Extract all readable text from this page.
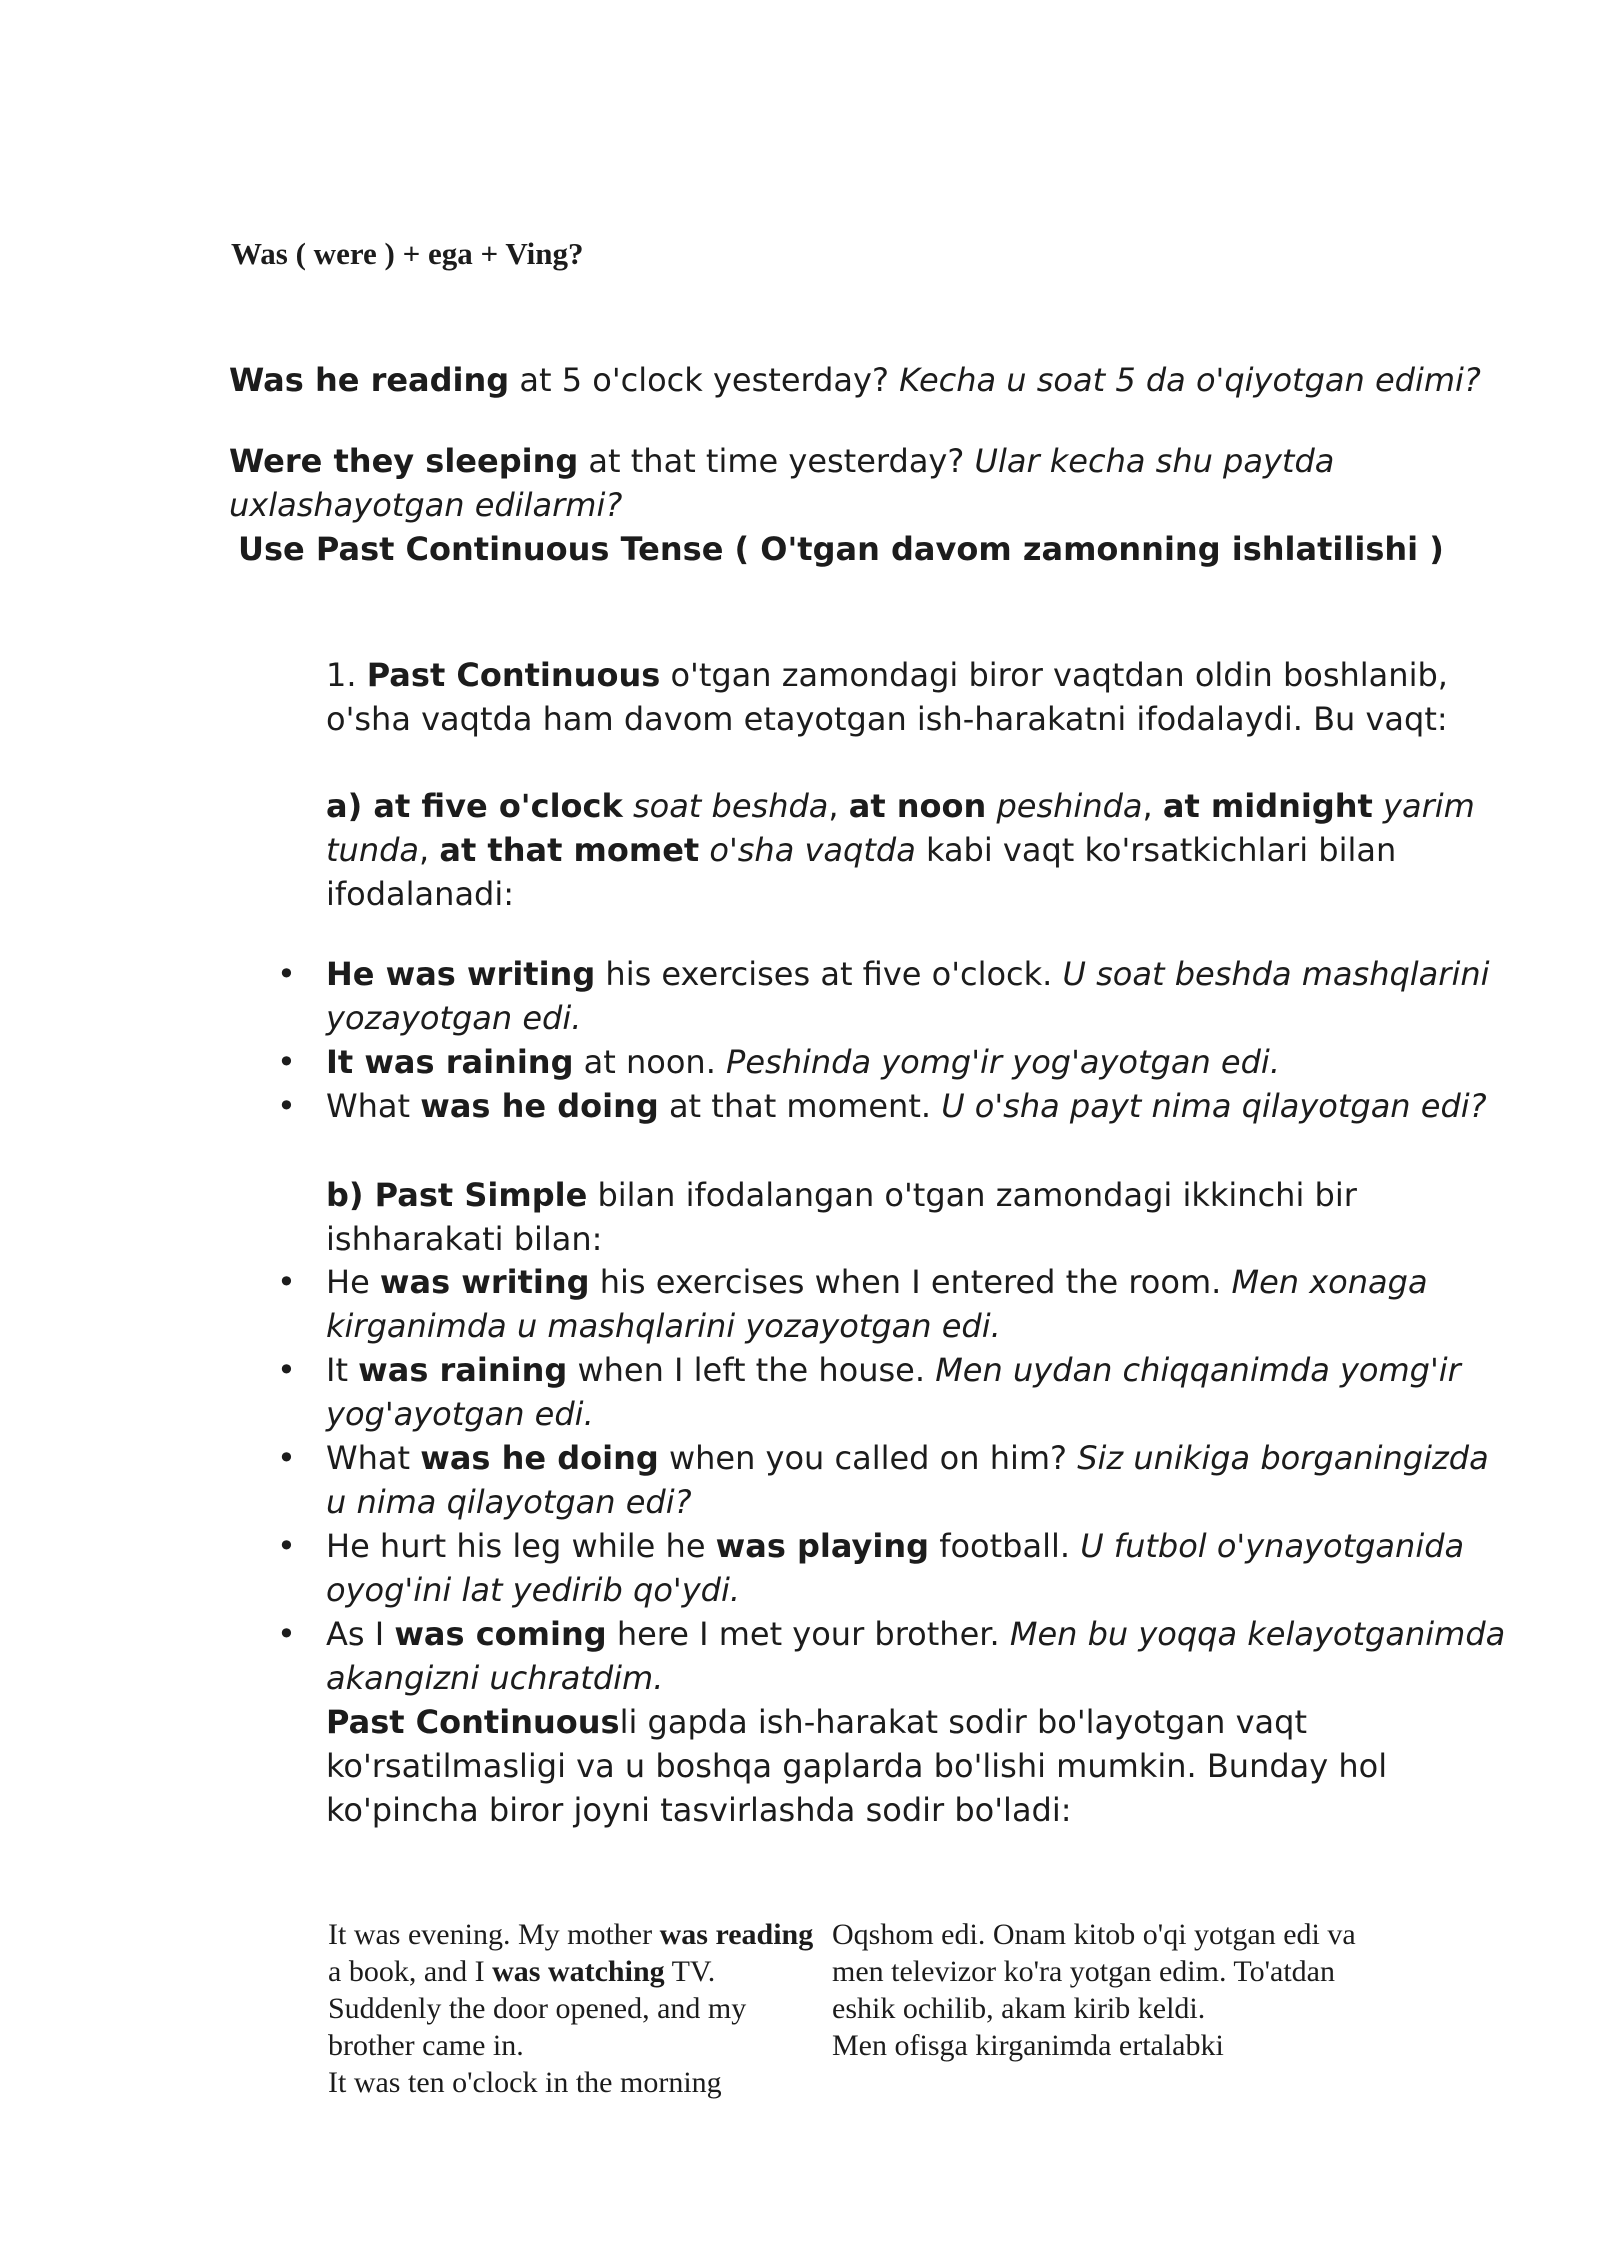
Was ( were ) + ega + Ving?

Was he reading at 5 o'clock yesterday? Kecha u soat 5 da o'qiyotgan edimi?

Were they sleeping at that time yesterday? Ular kecha shu paytda uxlashayotgan edilarmi?

Use Past Continuous Tense ( O'tgan davom zamonning ishlatilishi )

1. Past Continuous o'tgan zamondagi biror vaqtdan oldin boshlanib, o'sha vaqtda ham davom etayotgan ish-harakatni ifodalaydi. Bu vaqt:

a) at five o'clock soat beshda, at noon peshinda, at midnight yarim tunda, at that momet o'sha vaqtda kabi vaqt ko'rsatkichlari bilan ifodalanadi:

• He was writing his exercises at five o'clock. U soat beshda mashqlarini yozayotgan edi.
• It was raining at noon. Peshinda yomg'ir yog'ayotgan edi.
• What was he doing at that moment. U o'sha payt nima qilayotgan edi?

b) Past Simple bilan ifodalangan o'tgan zamondagi ikkinchi bir ishharakati bilan:

• He was writing his exercises when I entered the room. Men xonaga kirganimda u mashqlarini yozayotgan edi.
• It was raining when I left the house. Men uydan chiqqanimda yomg'ir yog'ayotgan edi.
• What was he doing when you called on him? Siz unikiga borganingizda u nima qilayotgan edi?
• He hurt his leg while he was playing football. U futbol o'ynayotganida oyog'ini lat yedirib qo'ydi.
• As I was coming here I met your brother. Men bu yoqqa kelayotganimda akangizni uchratdim.

Past Continuousli gapda ish-harakat sodir bo'layotgan vaqt ko'rsatilmasligi va u boshqa gaplarda bo'lishi mumkin. Bunday hol ko'pincha biror joyni tasvirlashda sodir bo'ladi:

It was evening. My mother was reading a book, and I was watching TV. Suddenly the door opened, and my brother came in.
It was ten o'clock in the morning
Oqshom edi. Onam kitob o'qi yotgan edi va men televizor ko'ra yotgan edim. To'atdan eshik ochilib, akam kirib keldi.
Men ofisga kirganimda ertalabki
